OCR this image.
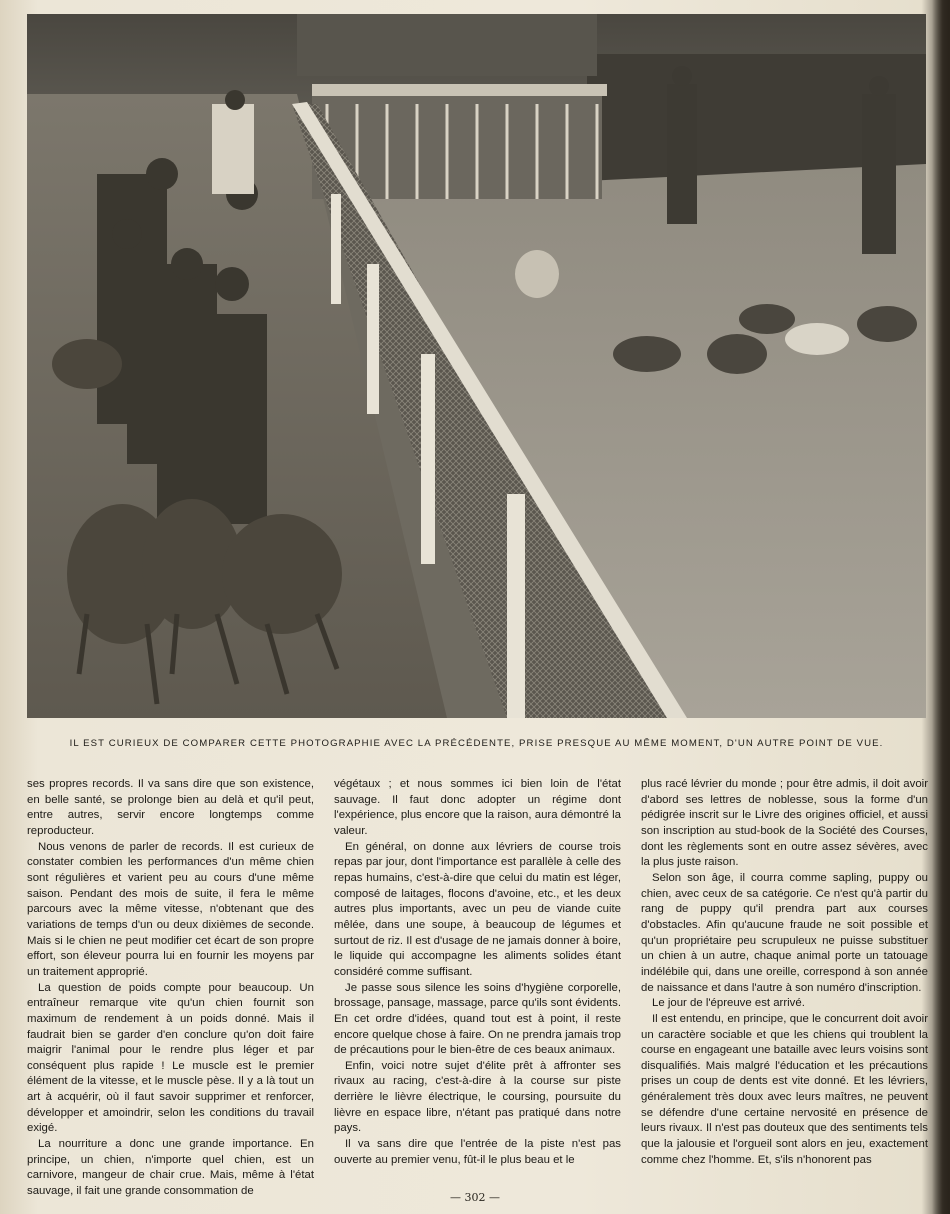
IL EST CURIEUX DE COMPARER CETTE PHOTOGRAPHIE AVEC LA PRÉCÉDENTE, PRISE PRESQUE AU MÊME MOMENT, D'UN AUTRE POINT DE VUE.

ses propres records. Il va sans dire que son existence, en belle santé, se prolonge bien au delà et qu'il peut, entre autres, servir encore longtemps comme reproducteur.

Nous venons de parler de records. Il est curieux de constater combien les performances d'un même chien sont régulières et varient peu au cours d'une même saison. Pendant des mois de suite, il fera le même parcours avec la même vitesse, n'obtenant que des variations de temps d'un ou deux dixièmes de seconde. Mais si le chien ne peut modifier cet écart de son propre effort, son éleveur pourra lui en fournir les moyens par un traitement approprié.

La question de poids compte pour beaucoup. Un entraîneur remarque vite qu'un chien fournit son maximum de rendement à un poids donné. Mais il faudrait bien se garder d'en conclure qu'on doit faire maigrir l'animal pour le rendre plus léger et par conséquent plus rapide ! Le muscle est le premier élément de la vitesse, et le muscle pèse. Il y a là tout un art à acquérir, où il faut savoir supprimer et renforcer, développer et amoindrir, selon les conditions du travail exigé.

La nourriture a donc une grande importance. En principe, un chien, n'importe quel chien, est un carnivore, mangeur de chair crue. Mais, même à l'état sauvage, il fait une grande consommation de

végétaux ; et nous sommes ici bien loin de l'état sauvage. Il faut donc adopter un régime dont l'expérience, plus encore que la raison, aura démontré la valeur.

En général, on donne aux lévriers de course trois repas par jour, dont l'importance est parallèle à celle des repas humains, c'est-à-dire que celui du matin est léger, composé de laitages, flocons d'avoine, etc., et les deux autres plus importants, avec un peu de viande cuite mêlée, dans une soupe, à beaucoup de légumes et surtout de riz. Il est d'usage de ne jamais donner à boire, le liquide qui accompagne les aliments solides étant considéré comme suffisant.

Je passe sous silence les soins d'hygiène corporelle, brossage, pansage, massage, parce qu'ils sont évidents. En cet ordre d'idées, quand tout est à point, il reste encore quelque chose à faire. On ne prendra jamais trop de précautions pour le bien-être de ces beaux animaux.

Enfin, voici notre sujet d'élite prêt à affronter ses rivaux au racing, c'est-à-dire à la course sur piste derrière le lièvre électrique, le coursing, poursuite du lièvre en espace libre, n'étant pas pratiqué dans notre pays.

Il va sans dire que l'entrée de la piste n'est pas ouverte au premier venu, fût-il le plus beau et le

plus racé lévrier du monde ; pour être admis, il doit avoir d'abord ses lettres de noblesse, sous la forme d'un pédigrée inscrit sur le Livre des origines officiel, et aussi son inscription au stud-book de la Société des Courses, dont les règlements sont en outre assez sévères, avec la plus juste raison.

Selon son âge, il courra comme sapling, puppy ou chien, avec ceux de sa catégorie. Ce n'est qu'à partir du rang de puppy qu'il prendra part aux courses d'obstacles. Afin qu'aucune fraude ne soit possible et qu'un propriétaire peu scrupuleux ne puisse substituer un chien à un autre, chaque animal porte un tatouage indélébile qui, dans une oreille, correspond à son année de naissance et dans l'autre à son numéro d'inscription.

Le jour de l'épreuve est arrivé.

Il est entendu, en principe, que le concurrent doit avoir un caractère sociable et que les chiens qui troublent la course en engageant une bataille avec leurs voisins sont disqualifiés. Mais malgré l'éducation et les précautions prises un coup de dents est vite donné. Et les lévriers, généralement très doux avec leurs maîtres, ne peuvent se défendre d'une certaine nervosité en présence de leurs rivaux. Il n'est pas douteux que des sentiments tels que la jalousie et l'orgueil sont alors en jeu, exactement comme chez l'homme. Et, s'ils n'honorent pas

— 302 —
